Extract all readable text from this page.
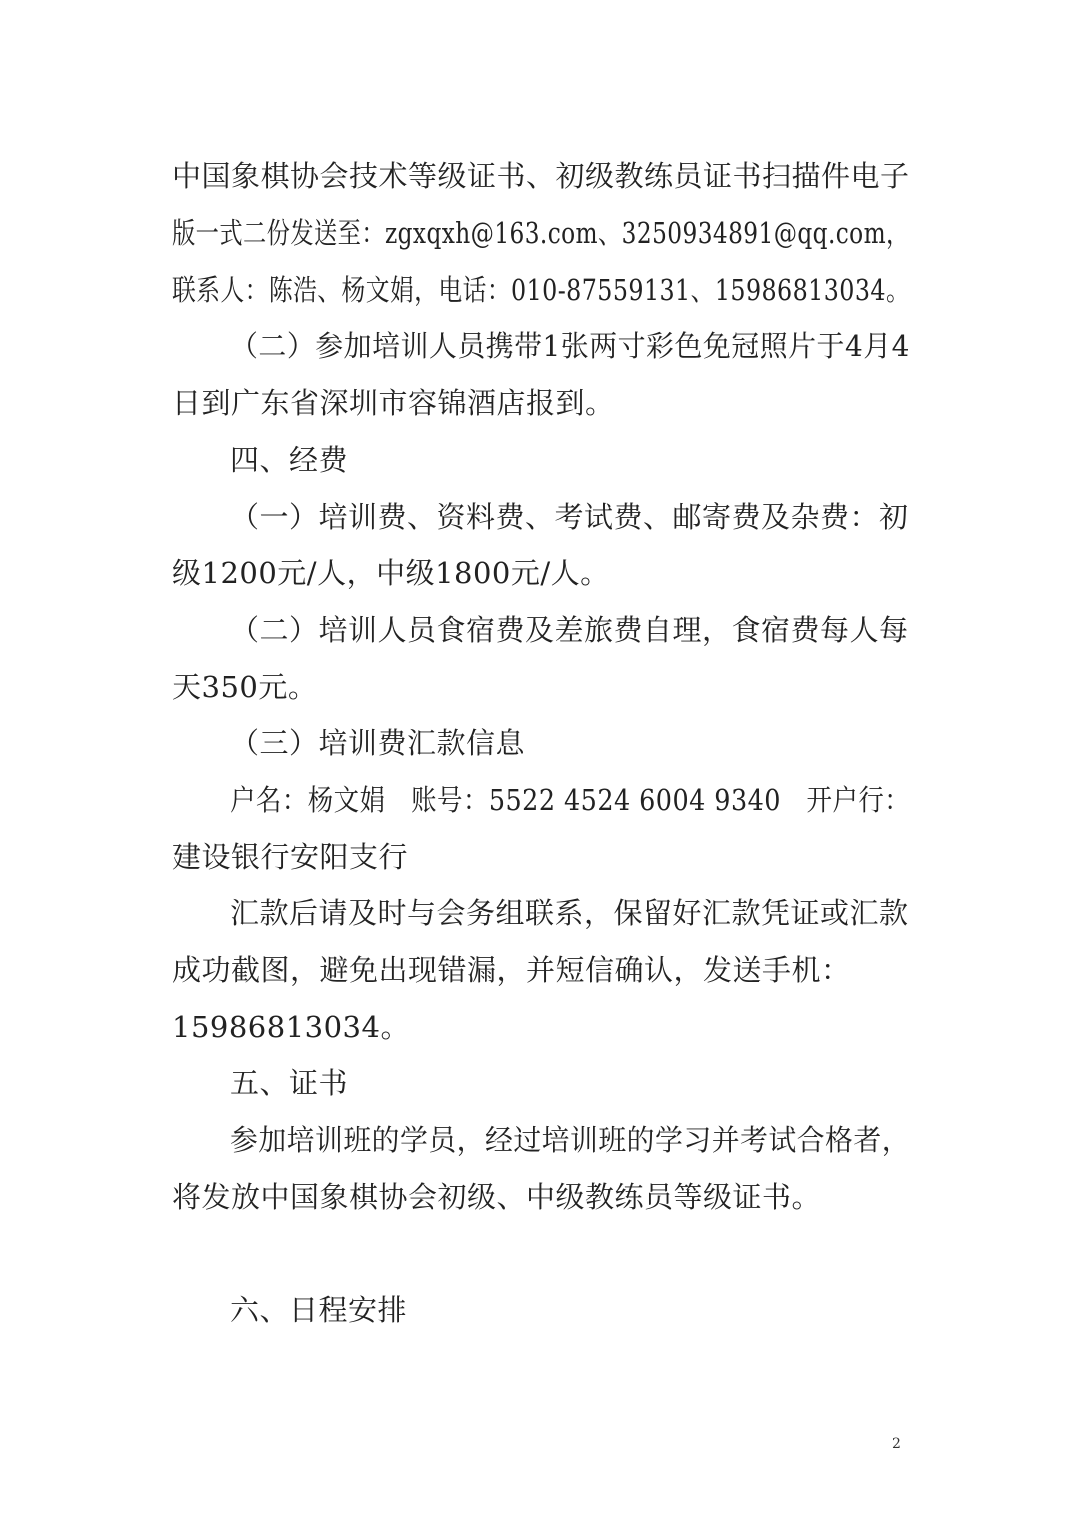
中国象棋协会技术等级证书、初级教练员证书扫描件电子
版一式二份发送至：zgxqxh@163.com、3250934891@qq.com，
联系人：陈浩、杨文娟，电话：010-87559131、15986813034。
（二）参加培训人员携带1张两寸彩色免冠照片于4月4
日到广东省深圳市容锦酒店报到。
四、经费
（一）培训费、资料费、考试费、邮寄费及杂费：初
级1200元/人，中级1800元/人。
（二）培训人员食宿费及差旅费自理，食宿费每人每
天350元。
（三）培训费汇款信息
户名：杨文娟   账号：5522 4524 6004 9340   开户行：
建设银行安阳支行
汇款后请及时与会务组联系，保留好汇款凭证或汇款
成功截图，避免出现错漏，并短信确认，发送手机：
15986813034。
五、证书
参加培训班的学员，经过培训班的学习并考试合格者，
将发放中国象棋协会初级、中级教练员等级证书。
六、日程安排
2
